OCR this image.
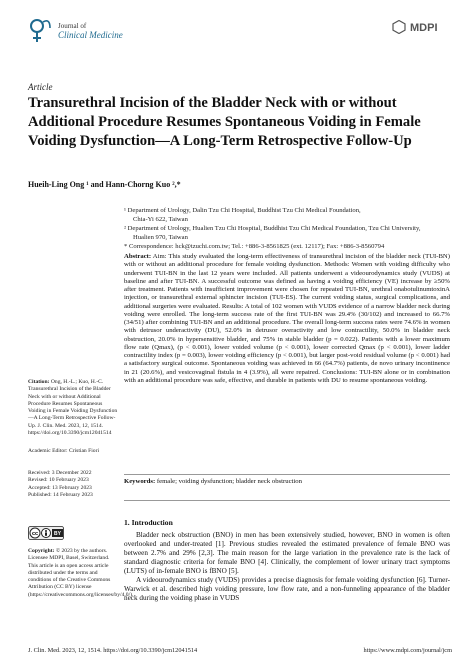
Journal of
Clinical Medicine
MDPI
Article
Transurethral Incision of the Bladder Neck with or without Additional Procedure Resumes Spontaneous Voiding in Female Voiding Dysfunction—A Long-Term Retrospective Follow-Up
Hueih-Ling Ong ¹ and Hann-Chorng Kuo ²,*
¹ Department of Urology, Dalin Tzu Chi Hospital, Buddhist Tzu Chi Medical Foundation,
Chia-Yi 622, Taiwan
² Department of Urology, Hualien Tzu Chi Hospital, Buddhist Tzu Chi Medical Foundation, Tzu Chi University,
Hualien 970, Taiwan
* Correspondence: hck@tzuchi.com.tw; Tel.: +886-3-8561825 (ext. 12117); Fax: +886-3-8560794
Abstract: Aim: This study evaluated the long-term effectiveness of transurethral incision of the bladder neck (TUI-BN) with or without an additional procedure for female voiding dysfunction. Methods: Women with voiding difficulty who underwent TUI-BN in the last 12 years were included. All patients underwent a videourodynamics study (VUDS) at baseline and after TUI-BN. A successful outcome was defined as having a voiding efficiency (VE) increase by ≥50% after treatment. Patients with insufficient improvement were chosen for repeated TUI-BN, urethral onabotulinumtoxinA injection, or transurethral external sphincter incision (TUI-ES). The current voiding status, surgical complications, and additional surgeries were evaluated. Results: A total of 102 women with VUDS evidence of a narrow bladder neck during voiding were enrolled. The long-term success rate of the first TUI-BN was 29.4% (30/102) and increased to 66.7% (34/51) after combining TUI-BN and an additional procedure. The overall long-term success rates were 74.6% in women with detrusor underactivity (DU), 52.0% in detrusor overactivity and low contractility, 50.0% in bladder neck obstruction, 20.0% in hypersensitive bladder, and 75% in stable bladder (p = 0.022). Patients with a lower maximum flow rate (Qmax), (p < 0.001), lower voided volume (p < 0.001), lower corrected Qmax (p < 0.001), lower ladder contractility index (p = 0.003), lower voiding efficiency (p < 0.001), but larger post-void residual volume (p < 0.001) had a satisfactory surgical outcome. Spontaneous voiding was achieved in 66 (64.7%) patients, de novo urinary incontinence in 21 (20.6%), and vesicovaginal fistula in 4 (3.9%), all were repaired. Conclusions: TUI-BN alone or in combination with an additional procedure was safe, effective, and durable in patients with DU to resume spontaneous voiding.
Keywords: female; voiding dysfunction; bladder neck obstruction
Citation: Ong, H.-L.; Kuo, H.-C. Transurethral Incision of the Bladder Neck with or without Additional Procedure Resumes Spontaneous Voiding in Female Voiding Dysfunction—A Long-Term Retrospective Follow-Up. J. Clin. Med. 2023, 12, 1514. https://doi.org/10.3390/jcm12041514
Academic Editor: Cristian Fiori
Received: 3 December 2022
Revised: 10 February 2023
Accepted: 13 February 2023
Published: 14 February 2023
cc	BY
Copyright: © 2023 by the authors. Licensee MDPI, Basel, Switzerland. This article is an open access article distributed under the terms and conditions of the Creative Commons Attribution (CC BY) license (https://creativecommons.org/licenses/by/4.0/).
1. Introduction

Bladder neck obstruction (BNO) in men has been extensively studied, however, BNO in women is often overlooked and under-treated [1]. Previous studies revealed the estimated prevalence of female BNO was between 2.7% and 29% [2,3]. The main reason for the large variation in the prevalence rate is the lack of standard diagnostic criteria for female BNO [4]. Clinically, the complement of lower urinary tract symptoms (LUTS) of in-female BNO is fBNO [5].

A videourodynamics study (VUDS) provides a precise diagnosis for female voiding dysfunction [6]. Turner-Warwick et al. described high voiding pressure, low flow rate, and a non-funneling appearance of the bladder neck during the voiding phase in VUDS

J. Clin. Med. 2023, 12, 1514. https://doi.org/10.3390/jcm12041514	https://www.mdpi.com/journal/jcm
